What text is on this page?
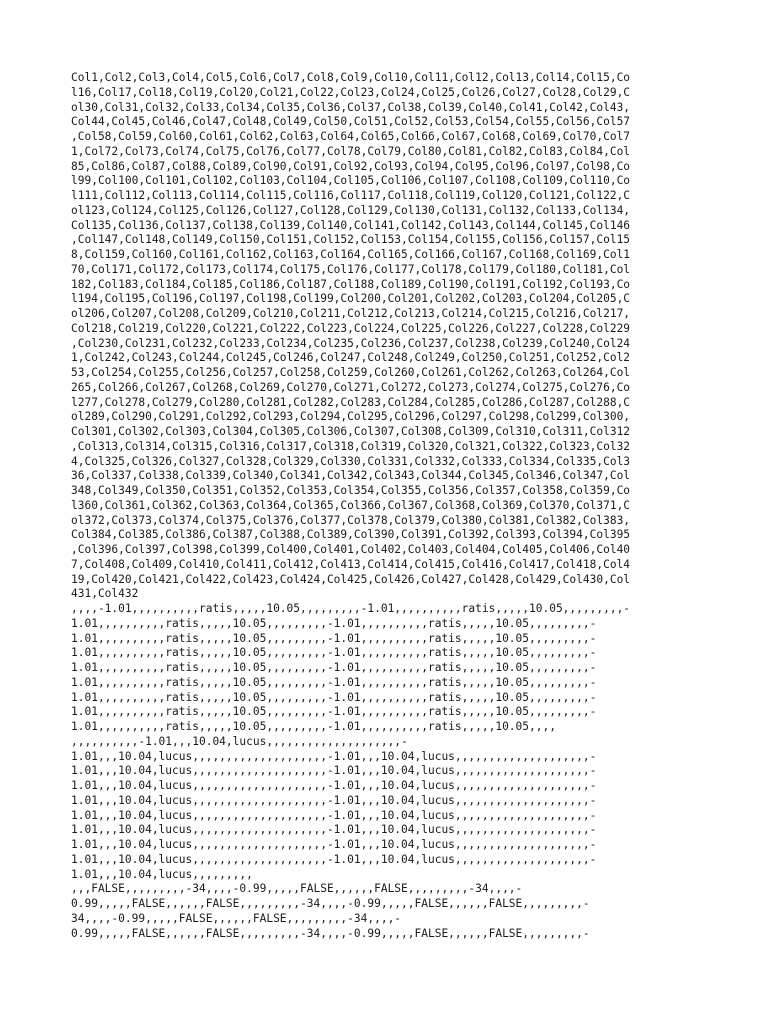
Col1,Col2,Col3,Col4,Col5,Col6,Col7,Col8,Col9,Col10,Col11,Col12,Col13,Col14,Col15,Co
l16,Col17,Col18,Col19,Col20,Col21,Col22,Col23,Col24,Col25,Col26,Col27,Col28,Col29,C
ol30,Col31,Col32,Col33,Col34,Col35,Col36,Col37,Col38,Col39,Col40,Col41,Col42,Col43,
Col44,Col45,Col46,Col47,Col48,Col49,Col50,Col51,Col52,Col53,Col54,Col55,Col56,Col57
,Col58,Col59,Col60,Col61,Col62,Col63,Col64,Col65,Col66,Col67,Col68,Col69,Col70,Col7
1,Col72,Col73,Col74,Col75,Col76,Col77,Col78,Col79,Col80,Col81,Col82,Col83,Col84,Col
85,Col86,Col87,Col88,Col89,Col90,Col91,Col92,Col93,Col94,Col95,Col96,Col97,Col98,Co
l99,Col100,Col101,Col102,Col103,Col104,Col105,Col106,Col107,Col108,Col109,Col110,Co
l111,Col112,Col113,Col114,Col115,Col116,Col117,Col118,Col119,Col120,Col121,Col122,C
ol123,Col124,Col125,Col126,Col127,Col128,Col129,Col130,Col131,Col132,Col133,Col134,
Col135,Col136,Col137,Col138,Col139,Col140,Col141,Col142,Col143,Col144,Col145,Col146
,Col147,Col148,Col149,Col150,Col151,Col152,Col153,Col154,Col155,Col156,Col157,Col15
8,Col159,Col160,Col161,Col162,Col163,Col164,Col165,Col166,Col167,Col168,Col169,Col1
70,Col171,Col172,Col173,Col174,Col175,Col176,Col177,Col178,Col179,Col180,Col181,Col
182,Col183,Col184,Col185,Col186,Col187,Col188,Col189,Col190,Col191,Col192,Col193,Co
l194,Col195,Col196,Col197,Col198,Col199,Col200,Col201,Col202,Col203,Col204,Col205,C
ol206,Col207,Col208,Col209,Col210,Col211,Col212,Col213,Col214,Col215,Col216,Col217,
Col218,Col219,Col220,Col221,Col222,Col223,Col224,Col225,Col226,Col227,Col228,Col229
,Col230,Col231,Col232,Col233,Col234,Col235,Col236,Col237,Col238,Col239,Col240,Col24
1,Col242,Col243,Col244,Col245,Col246,Col247,Col248,Col249,Col250,Col251,Col252,Col2
53,Col254,Col255,Col256,Col257,Col258,Col259,Col260,Col261,Col262,Col263,Col264,Col
265,Col266,Col267,Col268,Col269,Col270,Col271,Col272,Col273,Col274,Col275,Col276,Co
l277,Col278,Col279,Col280,Col281,Col282,Col283,Col284,Col285,Col286,Col287,Col288,C
ol289,Col290,Col291,Col292,Col293,Col294,Col295,Col296,Col297,Col298,Col299,Col300,
Col301,Col302,Col303,Col304,Col305,Col306,Col307,Col308,Col309,Col310,Col311,Col312
,Col313,Col314,Col315,Col316,Col317,Col318,Col319,Col320,Col321,Col322,Col323,Col32
4,Col325,Col326,Col327,Col328,Col329,Col330,Col331,Col332,Col333,Col334,Col335,Col3
36,Col337,Col338,Col339,Col340,Col341,Col342,Col343,Col344,Col345,Col346,Col347,Col
348,Col349,Col350,Col351,Col352,Col353,Col354,Col355,Col356,Col357,Col358,Col359,Co
l360,Col361,Col362,Col363,Col364,Col365,Col366,Col367,Col368,Col369,Col370,Col371,C
ol372,Col373,Col374,Col375,Col376,Col377,Col378,Col379,Col380,Col381,Col382,Col383,
Col384,Col385,Col386,Col387,Col388,Col389,Col390,Col391,Col392,Col393,Col394,Col395
,Col396,Col397,Col398,Col399,Col400,Col401,Col402,Col403,Col404,Col405,Col406,Col40
7,Col408,Col409,Col410,Col411,Col412,Col413,Col414,Col415,Col416,Col417,Col418,Col4
19,Col420,Col421,Col422,Col423,Col424,Col425,Col426,Col427,Col428,Col429,Col430,Col
431,Col432
,,,,-1.01,,,,,,,,,,ratis,,,,,10.05,,,,,,,,,-1.01,,,,,,,,,,ratis,,,,,10.05,,,,,,,,,-
1.01,,,,,,,,,,ratis,,,,,10.05,,,,,,,,,-1.01,,,,,,,,,,ratis,,,,,10.05,,,,,,,,,-
1.01,,,,,,,,,,ratis,,,,,10.05,,,,,,,,,-1.01,,,,,,,,,,ratis,,,,,10.05,,,,,,,,,-
1.01,,,,,,,,,,ratis,,,,,10.05,,,,,,,,,-1.01,,,,,,,,,,ratis,,,,,10.05,,,,,,,,,-
1.01,,,,,,,,,,ratis,,,,,10.05,,,,,,,,,-1.01,,,,,,,,,,ratis,,,,,10.05,,,,,,,,,-
1.01,,,,,,,,,,ratis,,,,,10.05,,,,,,,,,-1.01,,,,,,,,,,ratis,,,,,10.05,,,,,,,,,-
1.01,,,,,,,,,,ratis,,,,,10.05,,,,,,,,,-1.01,,,,,,,,,,ratis,,,,,10.05,,,,,,,,,-
1.01,,,,,,,,,,ratis,,,,,10.05,,,,,,,,,-1.01,,,,,,,,,,ratis,,,,,10.05,,,,,,,,,-
1.01,,,,,,,,,,ratis,,,,,10.05,,,,,,,,,-1.01,,,,,,,,,,ratis,,,,,10.05,,,,
,,,,,,,,,,-1.01,,,10.04,lucus,,,,,,,,,,,,,,,,,,,,-
1.01,,,10.04,lucus,,,,,,,,,,,,,,,,,,,,-1.01,,,10.04,lucus,,,,,,,,,,,,,,,,,,,,-
1.01,,,10.04,lucus,,,,,,,,,,,,,,,,,,,,-1.01,,,10.04,lucus,,,,,,,,,,,,,,,,,,,,-
1.01,,,10.04,lucus,,,,,,,,,,,,,,,,,,,,-1.01,,,10.04,lucus,,,,,,,,,,,,,,,,,,,,-
1.01,,,10.04,lucus,,,,,,,,,,,,,,,,,,,,-1.01,,,10.04,lucus,,,,,,,,,,,,,,,,,,,,-
1.01,,,10.04,lucus,,,,,,,,,,,,,,,,,,,,-1.01,,,10.04,lucus,,,,,,,,,,,,,,,,,,,,-
1.01,,,10.04,lucus,,,,,,,,,,,,,,,,,,,,-1.01,,,10.04,lucus,,,,,,,,,,,,,,,,,,,,-
1.01,,,10.04,lucus,,,,,,,,,,,,,,,,,,,,-1.01,,,10.04,lucus,,,,,,,,,,,,,,,,,,,,-
1.01,,,10.04,lucus,,,,,,,,,,,,,,,,,,,,-1.01,,,10.04,lucus,,,,,,,,,,,,,,,,,,,,-
1.01,,,10.04,lucus,,,,,,,,,
,,,FALSE,,,,,,,,,-34,,,,-0.99,,,,,FALSE,,,,,,FALSE,,,,,,,,,-34,,,,-
0.99,,,,,FALSE,,,,,,FALSE,,,,,,,,,-34,,,,-0.99,,,,,FALSE,,,,,,FALSE,,,,,,,,,-
34,,,,-0.99,,,,,FALSE,,,,,,FALSE,,,,,,,,,-34,,,,-
0.99,,,,,FALSE,,,,,,FALSE,,,,,,,,,-34,,,,-0.99,,,,,FALSE,,,,,,FALSE,,,,,,,,,-
